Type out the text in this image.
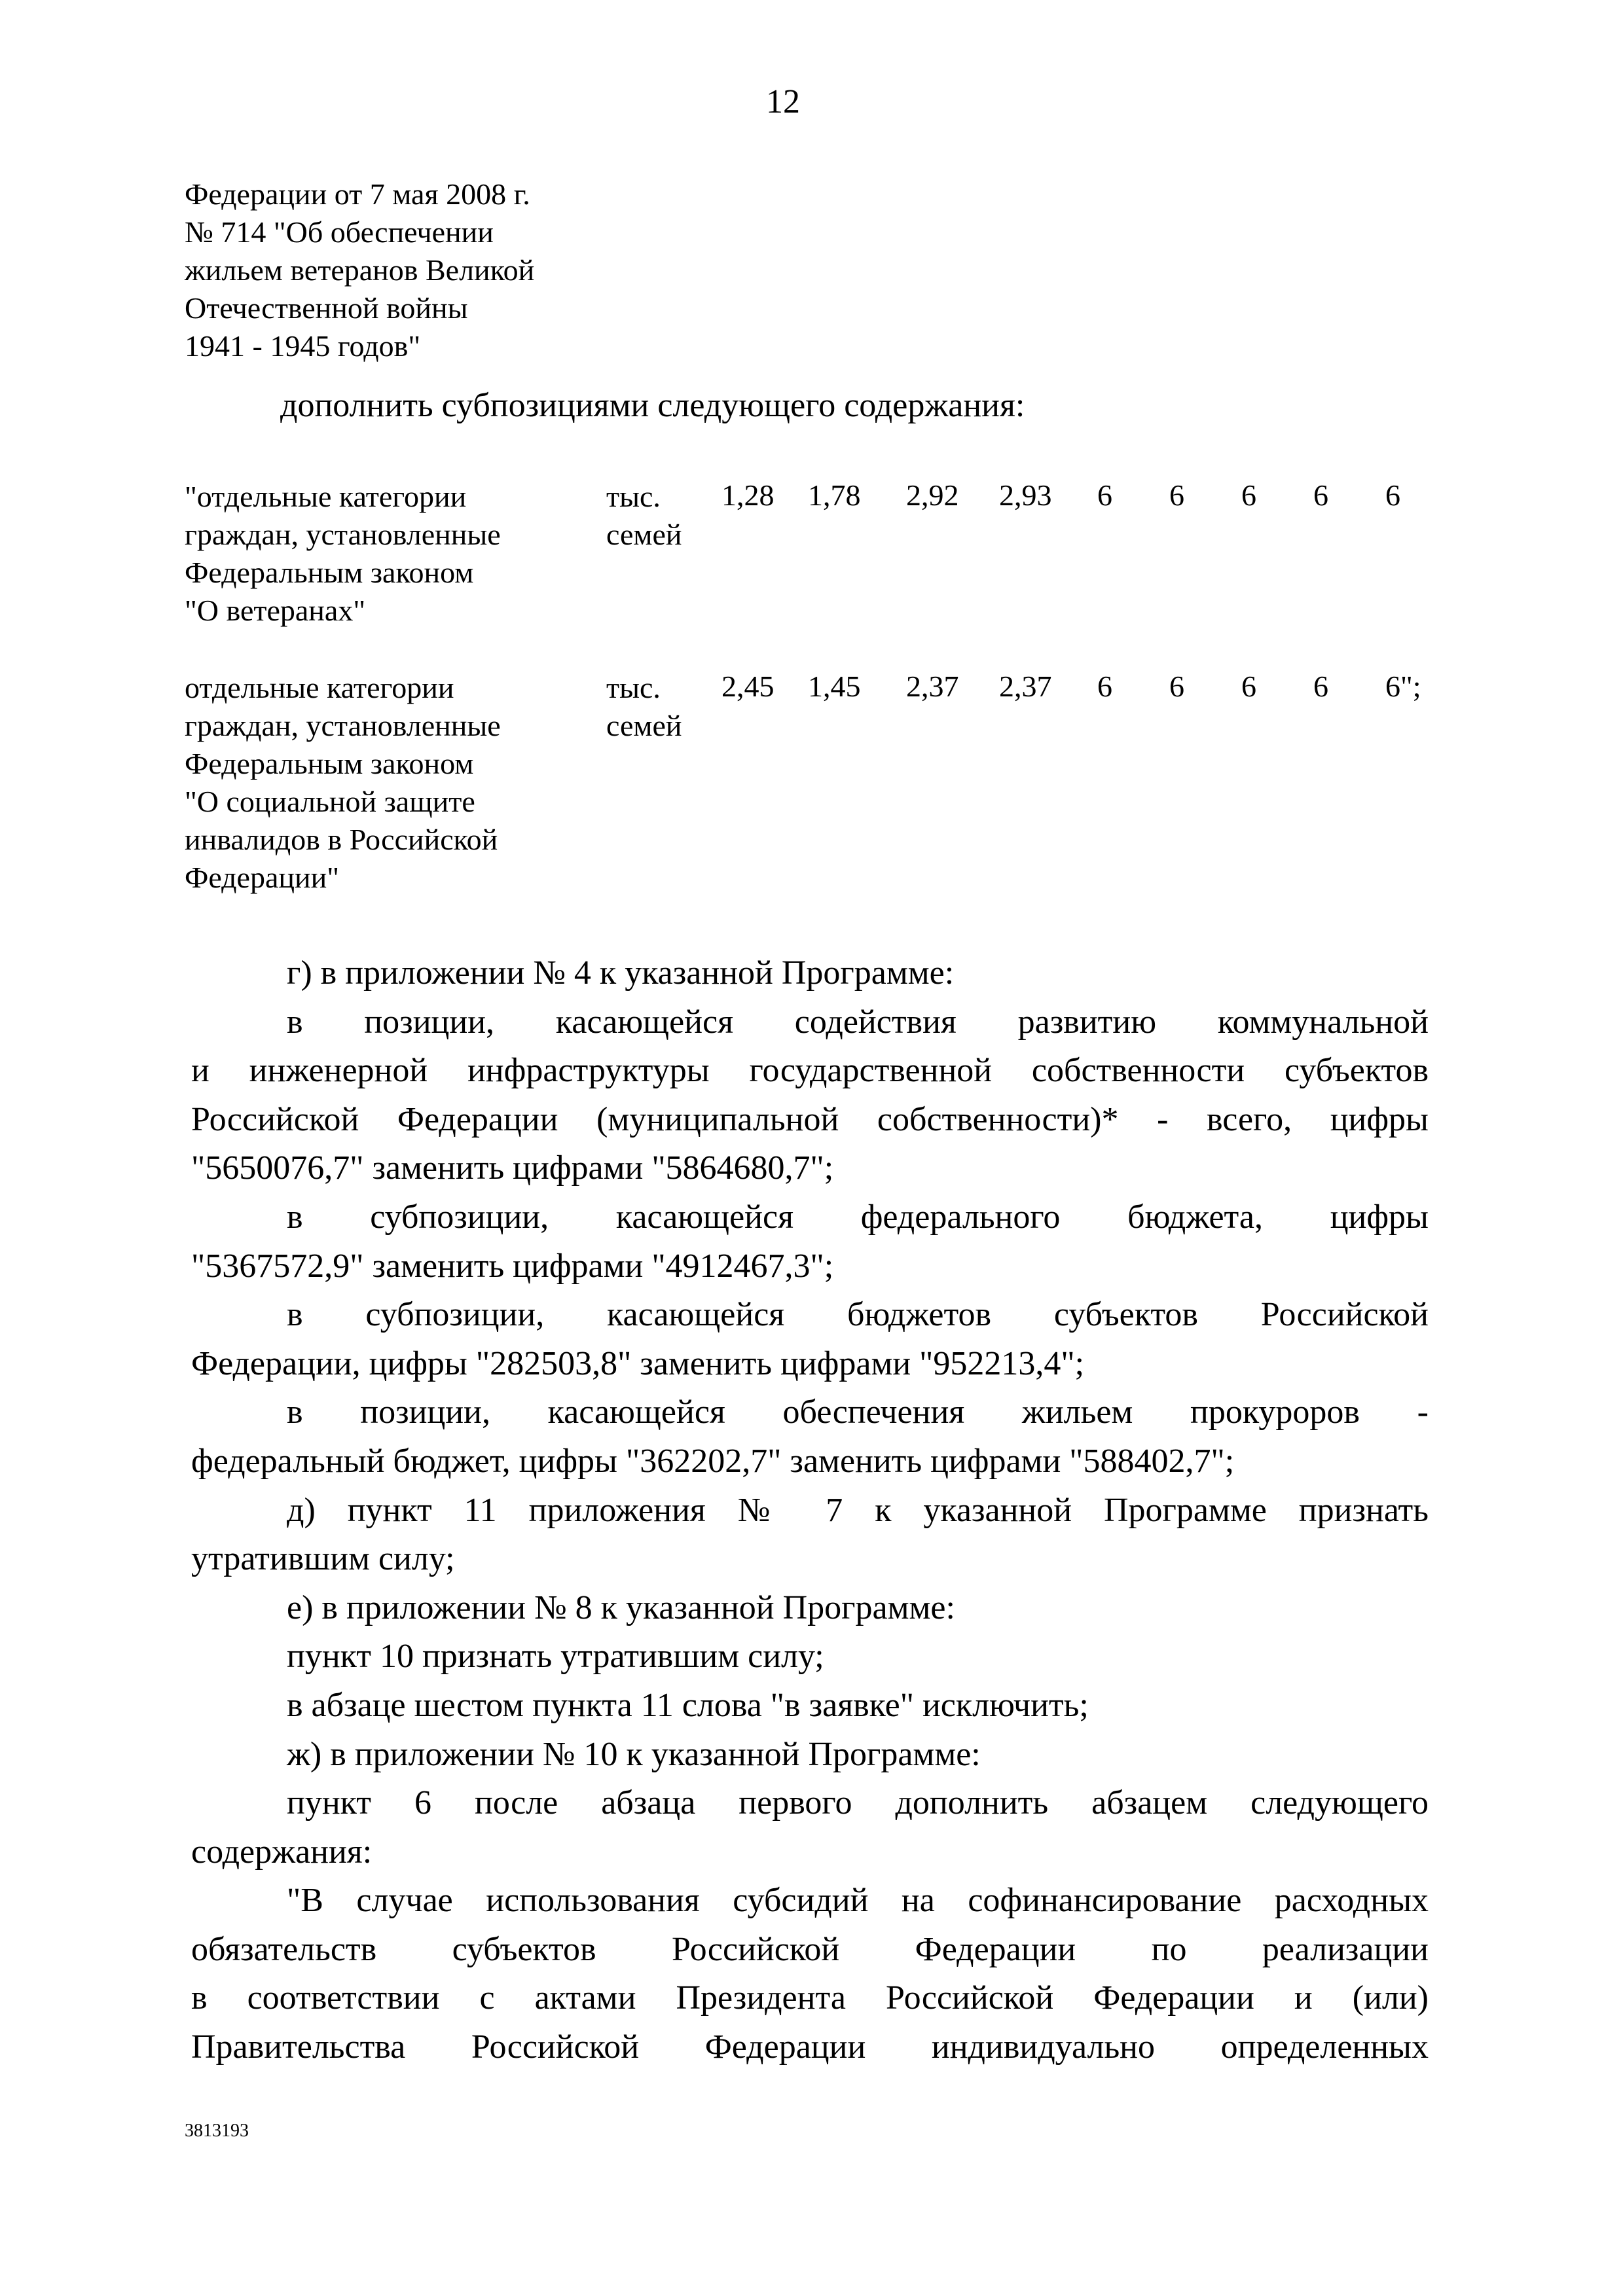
12
Федерации от 7 мая 2008 г.
№ 714 "Об обеспечении
жильем ветеранов Великой
Отечественной войны
1941 - 1945 годов"
дополнить субпозициями следующего содержания:
"отдельные категории
граждан, установленные
Федеральным законом
"О ветеранах"
тыс.
семей
1,28 1,78 2,92 2,93 6 6 6 6 6
отдельные категории
граждан, установленные
Федеральным законом
"О социальной защите
инвалидов в Российской
Федерации"
тыс.
семей
2,45 1,45 2,37 2,37 6 6 6 6 6";

г) в приложении № 4 к указанной Программе:

в позиции, касающейся содействия развитию коммунальной

и инженерной инфраструктуры государственной собственности субъектов

Российской Федерации (муниципальной собственности)* - всего, цифры

"5650076,7" заменить цифрами "5864680,7";

в субпозиции, касающейся федерального бюджета, цифры

"5367572,9" заменить цифрами "4912467,3";

в субпозиции, касающейся бюджетов субъектов Российской

Федерации, цифры "282503,8" заменить цифрами "952213,4";

в позиции, касающейся обеспечения жильем прокуроров -

федеральный бюджет, цифры "362202,7" заменить цифрами "588402,7";

д) пункт 11 приложения № 7 к указанной Программе признать

утратившим силу;

е) в приложении № 8 к указанной Программе:

пункт 10 признать утратившим силу;

в абзаце шестом пункта 11 слова "в заявке" исключить;

ж) в приложении № 10 к указанной Программе:

пункт 6 после абзаца первого дополнить абзацем следующего

содержания:

"В случае использования субсидий на софинансирование расходных

обязательств субъектов Российской Федерации по реализации

в соответствии с актами Президента Российской Федерации и (или)

Правительства Российской Федерации индивидуально определенных

3813193
